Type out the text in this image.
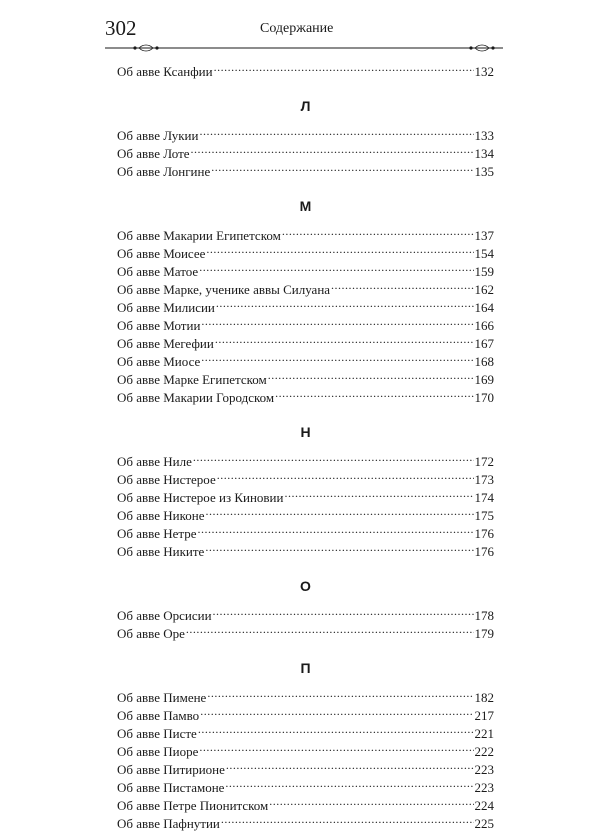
302	Содержание
Об авве Ксанфии .....	132
Л
Об авве Лукии .....	133
Об авве Лоте .....	134
Об авве Лонгине .....	135
М
Об авве Макарии Египетском .....	137
Об авве Моисее .....	154
Об авве Матое .....	159
Об авве Марке, ученике аввы Силуана .....	162
Об авве Милисии .....	164
Об авве Мотии .....	166
Об авве Мегефии .....	167
Об авве Миосе .....	168
Об авве Марке Египетском .....	169
Об авве Макарии Городском .....	170
Н
Об авве Ниле .....	172
Об авве Нистерое .....	173
Об авве Нистерое из Киновии .....	174
Об авве Никоне .....	175
Об авве Нетре .....	176
Об авве Никите .....	176
О
Об авве Орсисии .....	178
Об авве Оре .....	179
П
Об авве Пимене .....	182
Об авве Памво .....	217
Об авве Писте .....	221
Об авве Пиоре .....	222
Об авве Питирионе .....	223
Об авве Пистамоне .....	223
Об авве Петре Пионитском .....	224
Об авве Пафнутии .....	225
